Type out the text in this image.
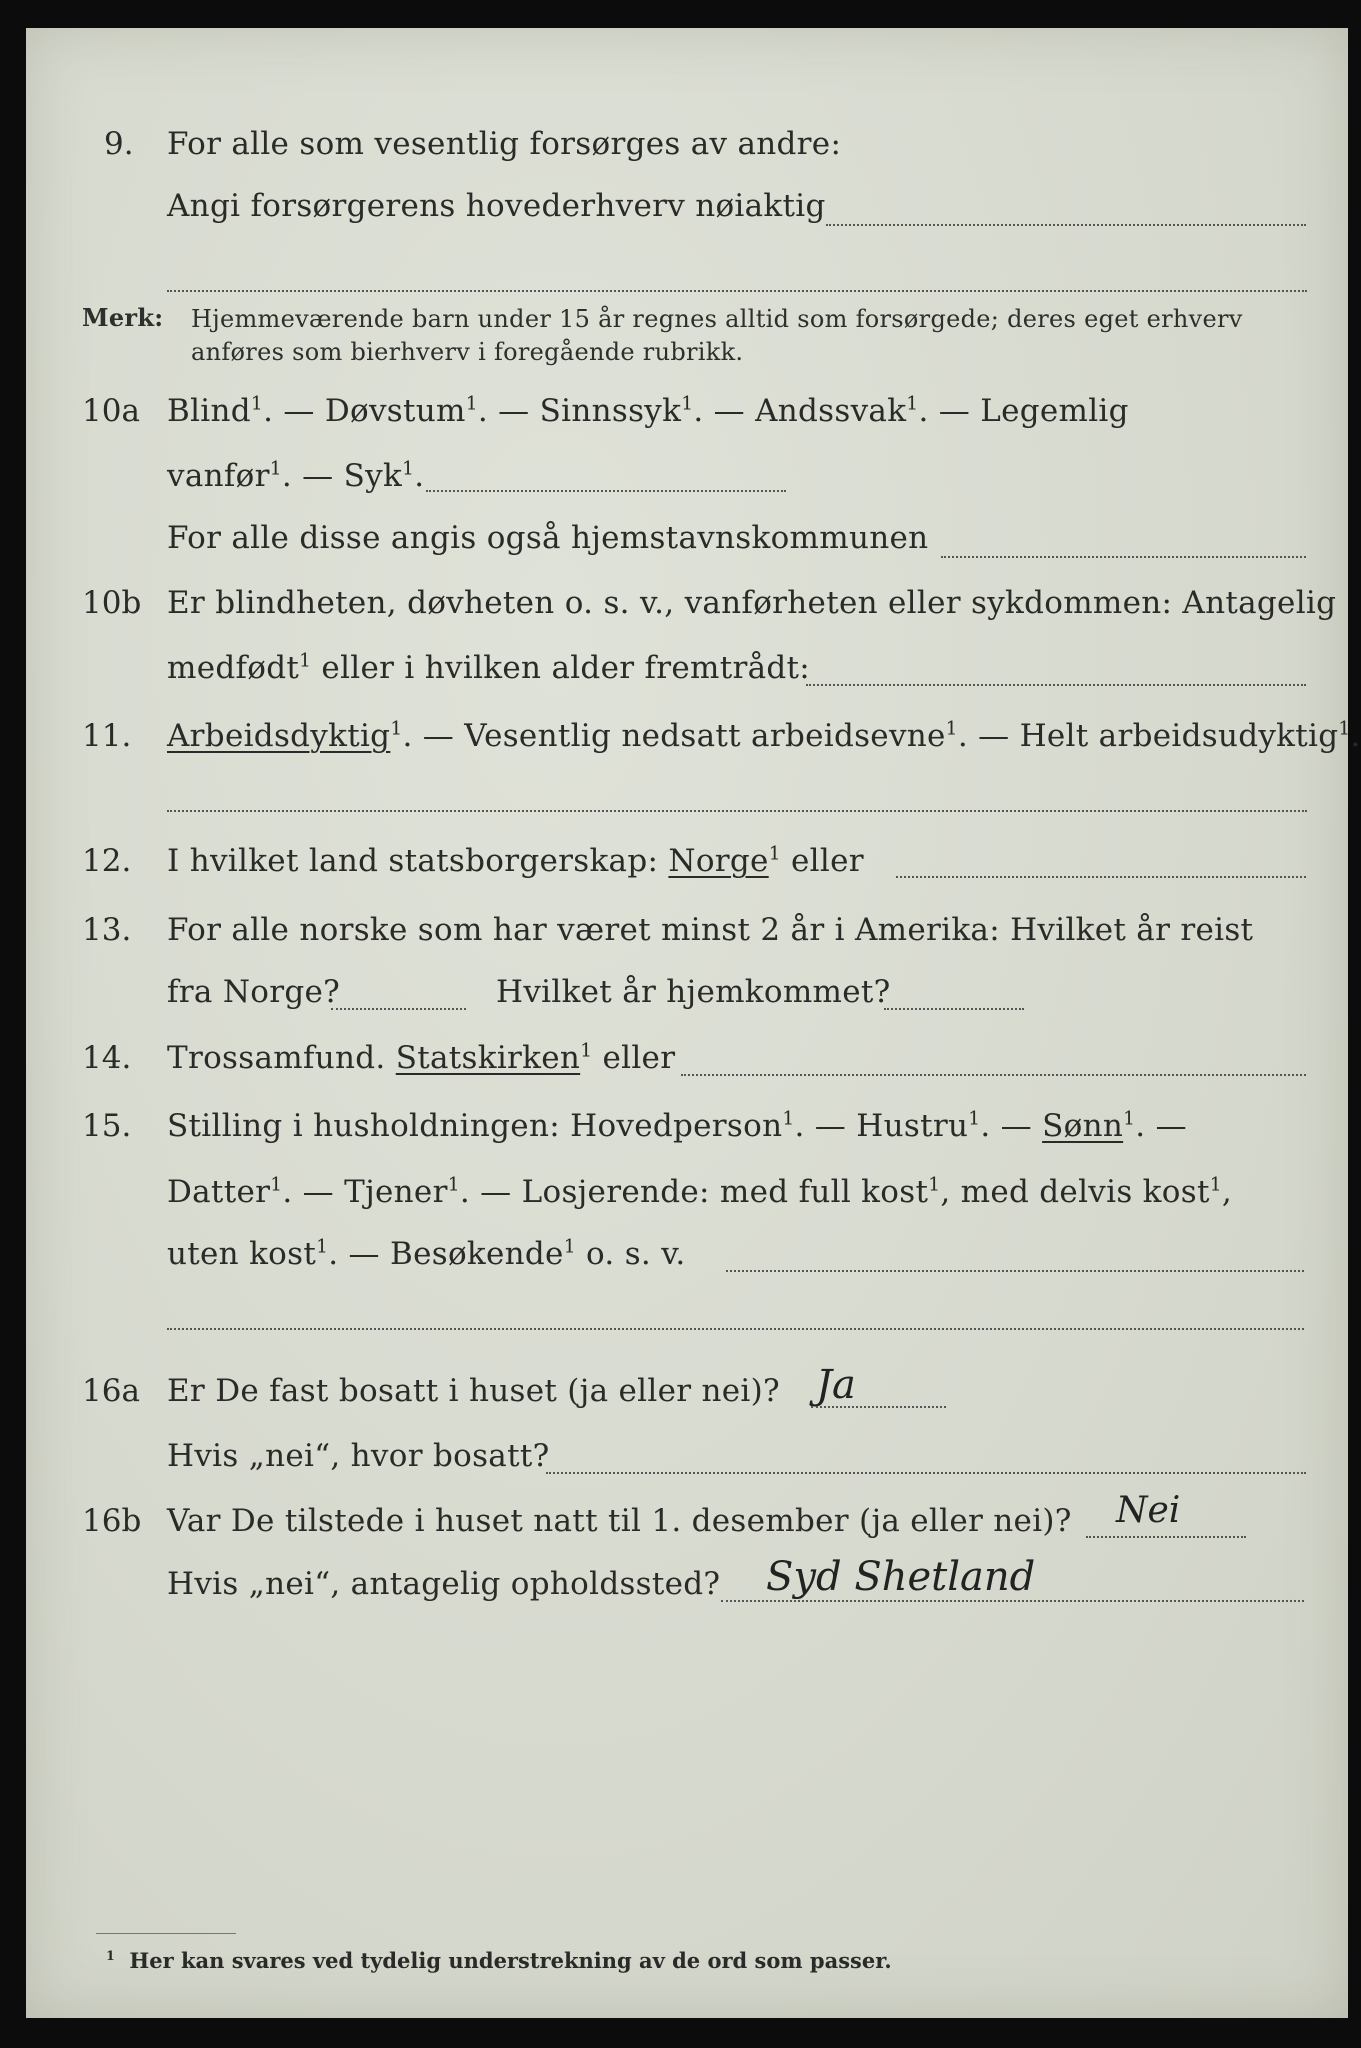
9. For alle som vesentlig forsørges av andre:
Angi forsørgerens hovederhverv nøiaktig
Merk: Hjemmeværende barn under 15 år regnes alltid som forsørgede; deres eget erhverv
anføres som bierhverv i foregående rubrikk.
10a Blind$^1$. — Døvstum$^1$. — Sinnssyk$^1$. — Andssvak$^1$. — Legemlig
vanfør$^1$. — Syk$^1$.
For alle disse angis også hjemstavnskommunen
10b Er blindheten, døvheten o. s. v., vanførheten eller sykdommen: Antagelig
medfødt$^1$ eller i hvilken alder fremtrådt:
11. Arbeidsdyktig$^1$. — Vesentlig nedsatt arbeidsevne$^1$. — Helt arbeidsudyktig$^1$.
12. I hvilket land statsborgerskap: Norge$^1$ eller
13. For alle norske som har været minst 2 år i Amerika: Hvilket år reist
fra Norge?	Hvilket år hjemkommet?
14. Trossamfund. Statskirken$^1$ eller
15. Stilling i husholdningen: Hovedperson$^1$. — Hustru$^1$. — Sønn$^1$. —
Datter$^1$. — Tjener$^1$. — Losjerende: med full kost$^1$, med delvis kost$^1$,
uten kost$^1$. — Besøkende$^1$ o. s. v.
16a Er De fast bosatt i huset (ja eller nei)? Ja
Hvis „nei“, hvor bosatt?
16b Var De tilstede i huset natt til 1. desember (ja eller nei)? Nei
Hvis „nei“, antagelig opholdssted? Syd Shetland
$^1$  Her kan svares ved tydelig understrekning av de ord som passer.
